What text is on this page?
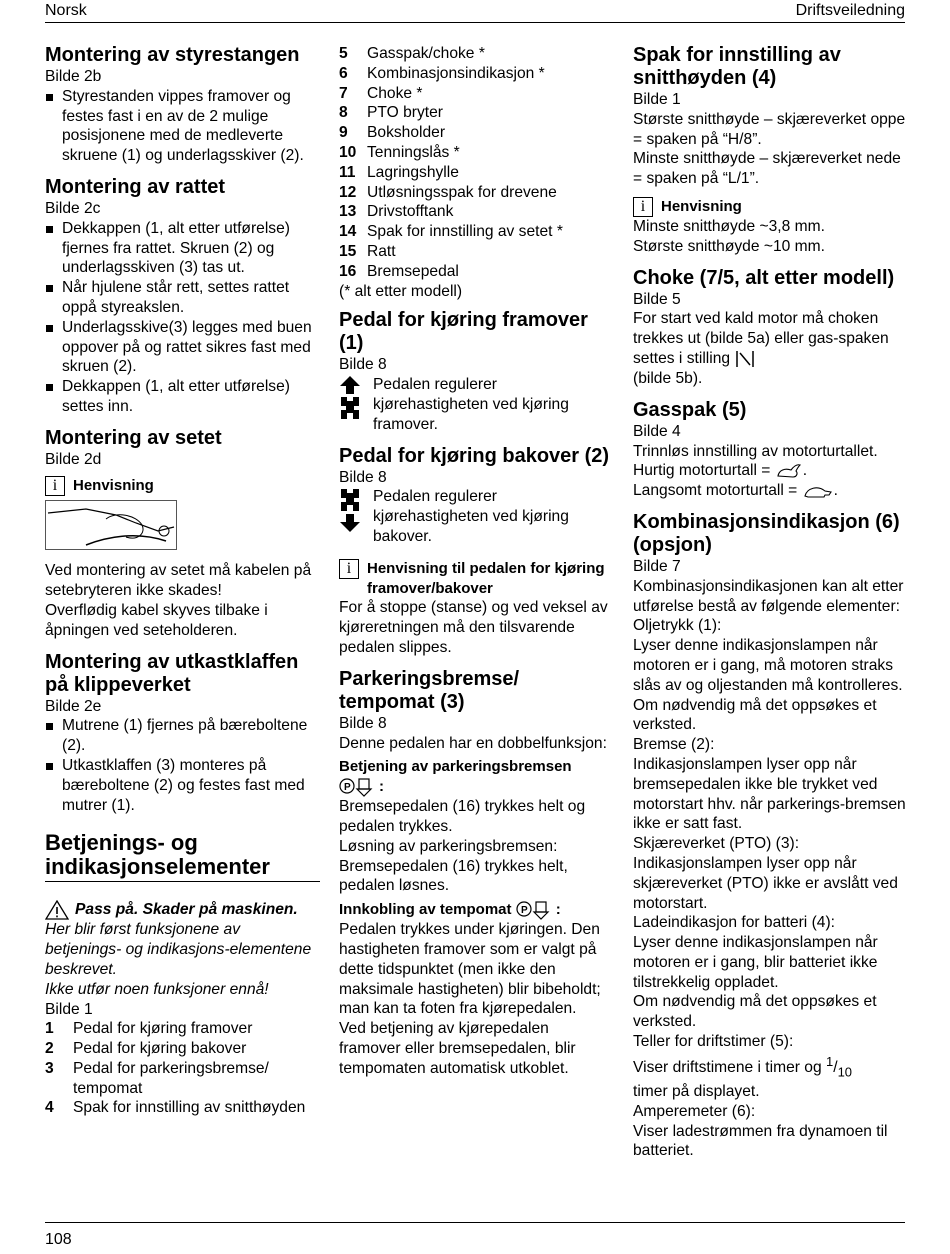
Norsk	Driftsveiledning
Montering av styrestangen

Bilde 2b

Styrestanden vippes framover og festes fast i en av de 2 mulige posisjonene med de medleverte skruene (1) og underlagsskiver (2).
Montering av rattet

Bilde 2c

Dekkappen (1, alt etter utførelse) fjernes fra rattet. Skruen (2) og underlagsskiven (3) tas ut.
Når hjulene står rett, settes rattet oppå styreakslen.
Underlagsskive(3) legges med buen oppover på og rattet sikres fast med skruen (2).
Dekkappen (1, alt etter utførelse) settes inn.
Montering av setet

Bilde 2d

i	Henvisning

Ved montering av setet må kabelen på setebryteren ikke skades!

Overflødig kabel skyves tilbake i åpningen ved seteholderen.

Montering av utkastklaffen på klippeverket

Bilde 2e

Mutrene (1) fjernes på bæreboltene (2).
Utkastklaffen (3) monteres på bæreboltene (2) og festes fast med mutrer (1).
Betjenings- og indikasjonselementer
Pass på. Skader på maskinen.

Her blir først funksjonene av betjenings- og indikasjons-elementene beskrevet.

Ikke utfør noen funksjoner ennå!

Bilde 1

1	Pedal for kjøring framover
2	Pedal for kjøring bakover
3	Pedal for parkeringsbremse/ tempomat
4	Spak for innstilling av snitthøyden
5	Gasspak/choke *
6	Kombinasjonsindikasjon *
7	Choke *
8	PTO bryter
9	Boksholder
10 Tenningslås *
11 Lagringshylle
12 Utløsningsspak for drevene
13 Drivstofftank
14 Spak for innstilling av setet *
15 Ratt
16 Bremsepedal

(* alt etter modell)

Pedal for kjøring framover (1)

Bilde 8

Pedalen regulerer kjørehastigheten ved kjøring framover.

Pedal for kjøring bakover (2)

Bilde 8

Pedalen regulerer kjørehastigheten ved kjøring bakover.

i	Henvisning til pedalen for kjøring framover/bakover

For å stoppe (stanse) og ved veksel av kjøreretningen må den tilsvarende pedalen slippes.

Parkeringsbremse/ tempomat (3)

Bilde 8

Denne pedalen har en dobbelfunksjon:

Betjening av parkeringsbremsen

P :

Bremsepedalen (16) trykkes helt og pedalen trykkes.

Løsning av parkeringsbremsen:

Bremsepedalen (16) trykkes helt, pedalen løsnes.

Innkobling av tempomat P :

Pedalen trykkes under kjøringen. Den hastigheten framover som er valgt på dette tidspunktet (men ikke den maksimale hastigheten) blir bibeholdt; man kan ta foten fra kjørepedalen.

Ved betjening av kjørepedalen framover eller bremsepedalen, blir tempomaten automatisk utkoblet.

Spak for innstilling av snitthøyden (4)

Bilde 1

Største snitthøyde – skjæreverket oppe = spaken på “H/8”.

Minste snitthøyde – skjæreverket nede = spaken på “L/1”.

i	Henvisning

Minste snitthøyde ~3,8 mm.

Største snitthøyde ~10 mm.

Choke (7/5, alt etter modell)

Bilde 5

For start ved kald motor må choken trekkes ut (bilde 5a) eller gas-spaken settes i stilling
(bilde 5b).

Gasspak (5)

Bilde 4

Trinnløs innstilling av motorturtallet.

Hurtig motorturtall = .

Langsomt motorturtall = .

Kombinasjonsindikasjon (6) (opsjon)

Bilde 7

Kombinasjonsindikasjonen kan alt etter utførelse bestå av følgende elementer:

Oljetrykk (1):

Lyser denne indikasjonslampen når motoren er i gang, må motoren straks slås av og oljestanden må kontrolleres. Om nødvendig må det oppsøkes et verksted.

Bremse (2):

Indikasjonslampen lyser opp når bremsepedalen ikke ble trykket ved motorstart hhv. når parkerings-bremsen ikke er satt fast.

Skjæreverket (PTO) (3):

Indikasjonslampen lyser opp når skjæreverket (PTO) ikke er avslått ved motorstart.

Ladeindikasjon for batteri (4):

Lyser denne indikasjonslampen når motoren er i gang, blir batteriet ikke tilstrekkelig oppladet.

Om nødvendig må det oppsøkes et verksted.

Teller for driftstimer (5):

Viser driftstimene i timer og $^1/_{10}$
timer på displayet.

Amperemeter (6):

Viser ladestrømmen fra dynamoen til batteriet.

108
